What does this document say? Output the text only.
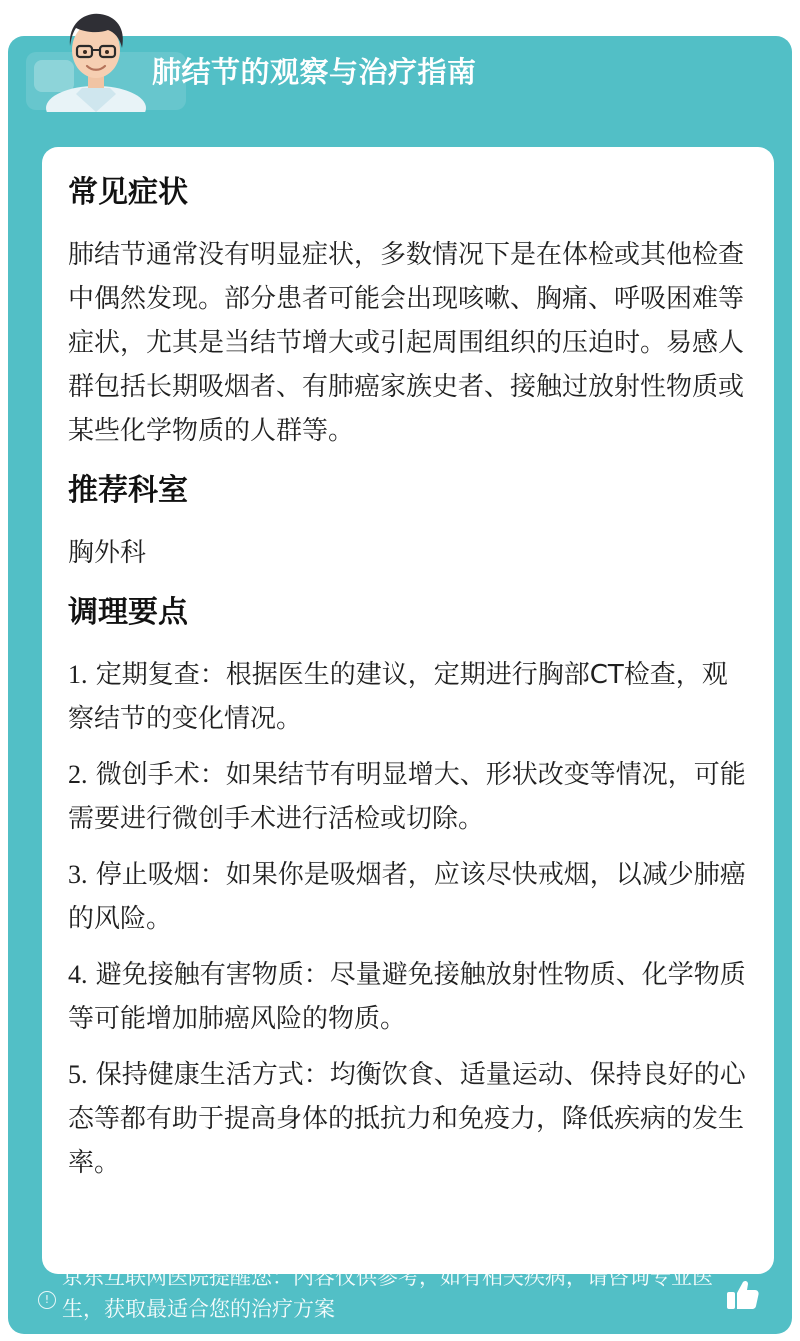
肺结节的观察与治疗指南
常见症状
肺结节通常没有明显症状，多数情况下是在体检或其他检查中偶然发现。部分患者可能会出现咳嗽、胸痛、呼吸困难等症状，尤其是当结节增大或引起周围组织的压迫时。易感人群包括长期吸烟者、有肺癌家族史者、接触过放射性物质或某些化学物质的人群等。
推荐科室
胸外科
调理要点
1. 定期复查：根据医生的建议，定期进行胸部CT检查，观察结节的变化情况。
2. 微创手术：如果结节有明显增大、形状改变等情况，可能需要进行微创手术进行活检或切除。
3. 停止吸烟：如果你是吸烟者，应该尽快戒烟，以减少肺癌的风险。
4. 避免接触有害物质：尽量避免接触放射性物质、化学物质等可能增加肺癌风险的物质。
5. 保持健康生活方式：均衡饮食、适量运动、保持良好的心态等都有助于提高身体的抵抗力和免疫力，降低疾病的发生率。
!
京东互联网医院提醒您：内容仅供参考，如有相关疾病，请咨询专业医生，获取最适合您的治疗方案
